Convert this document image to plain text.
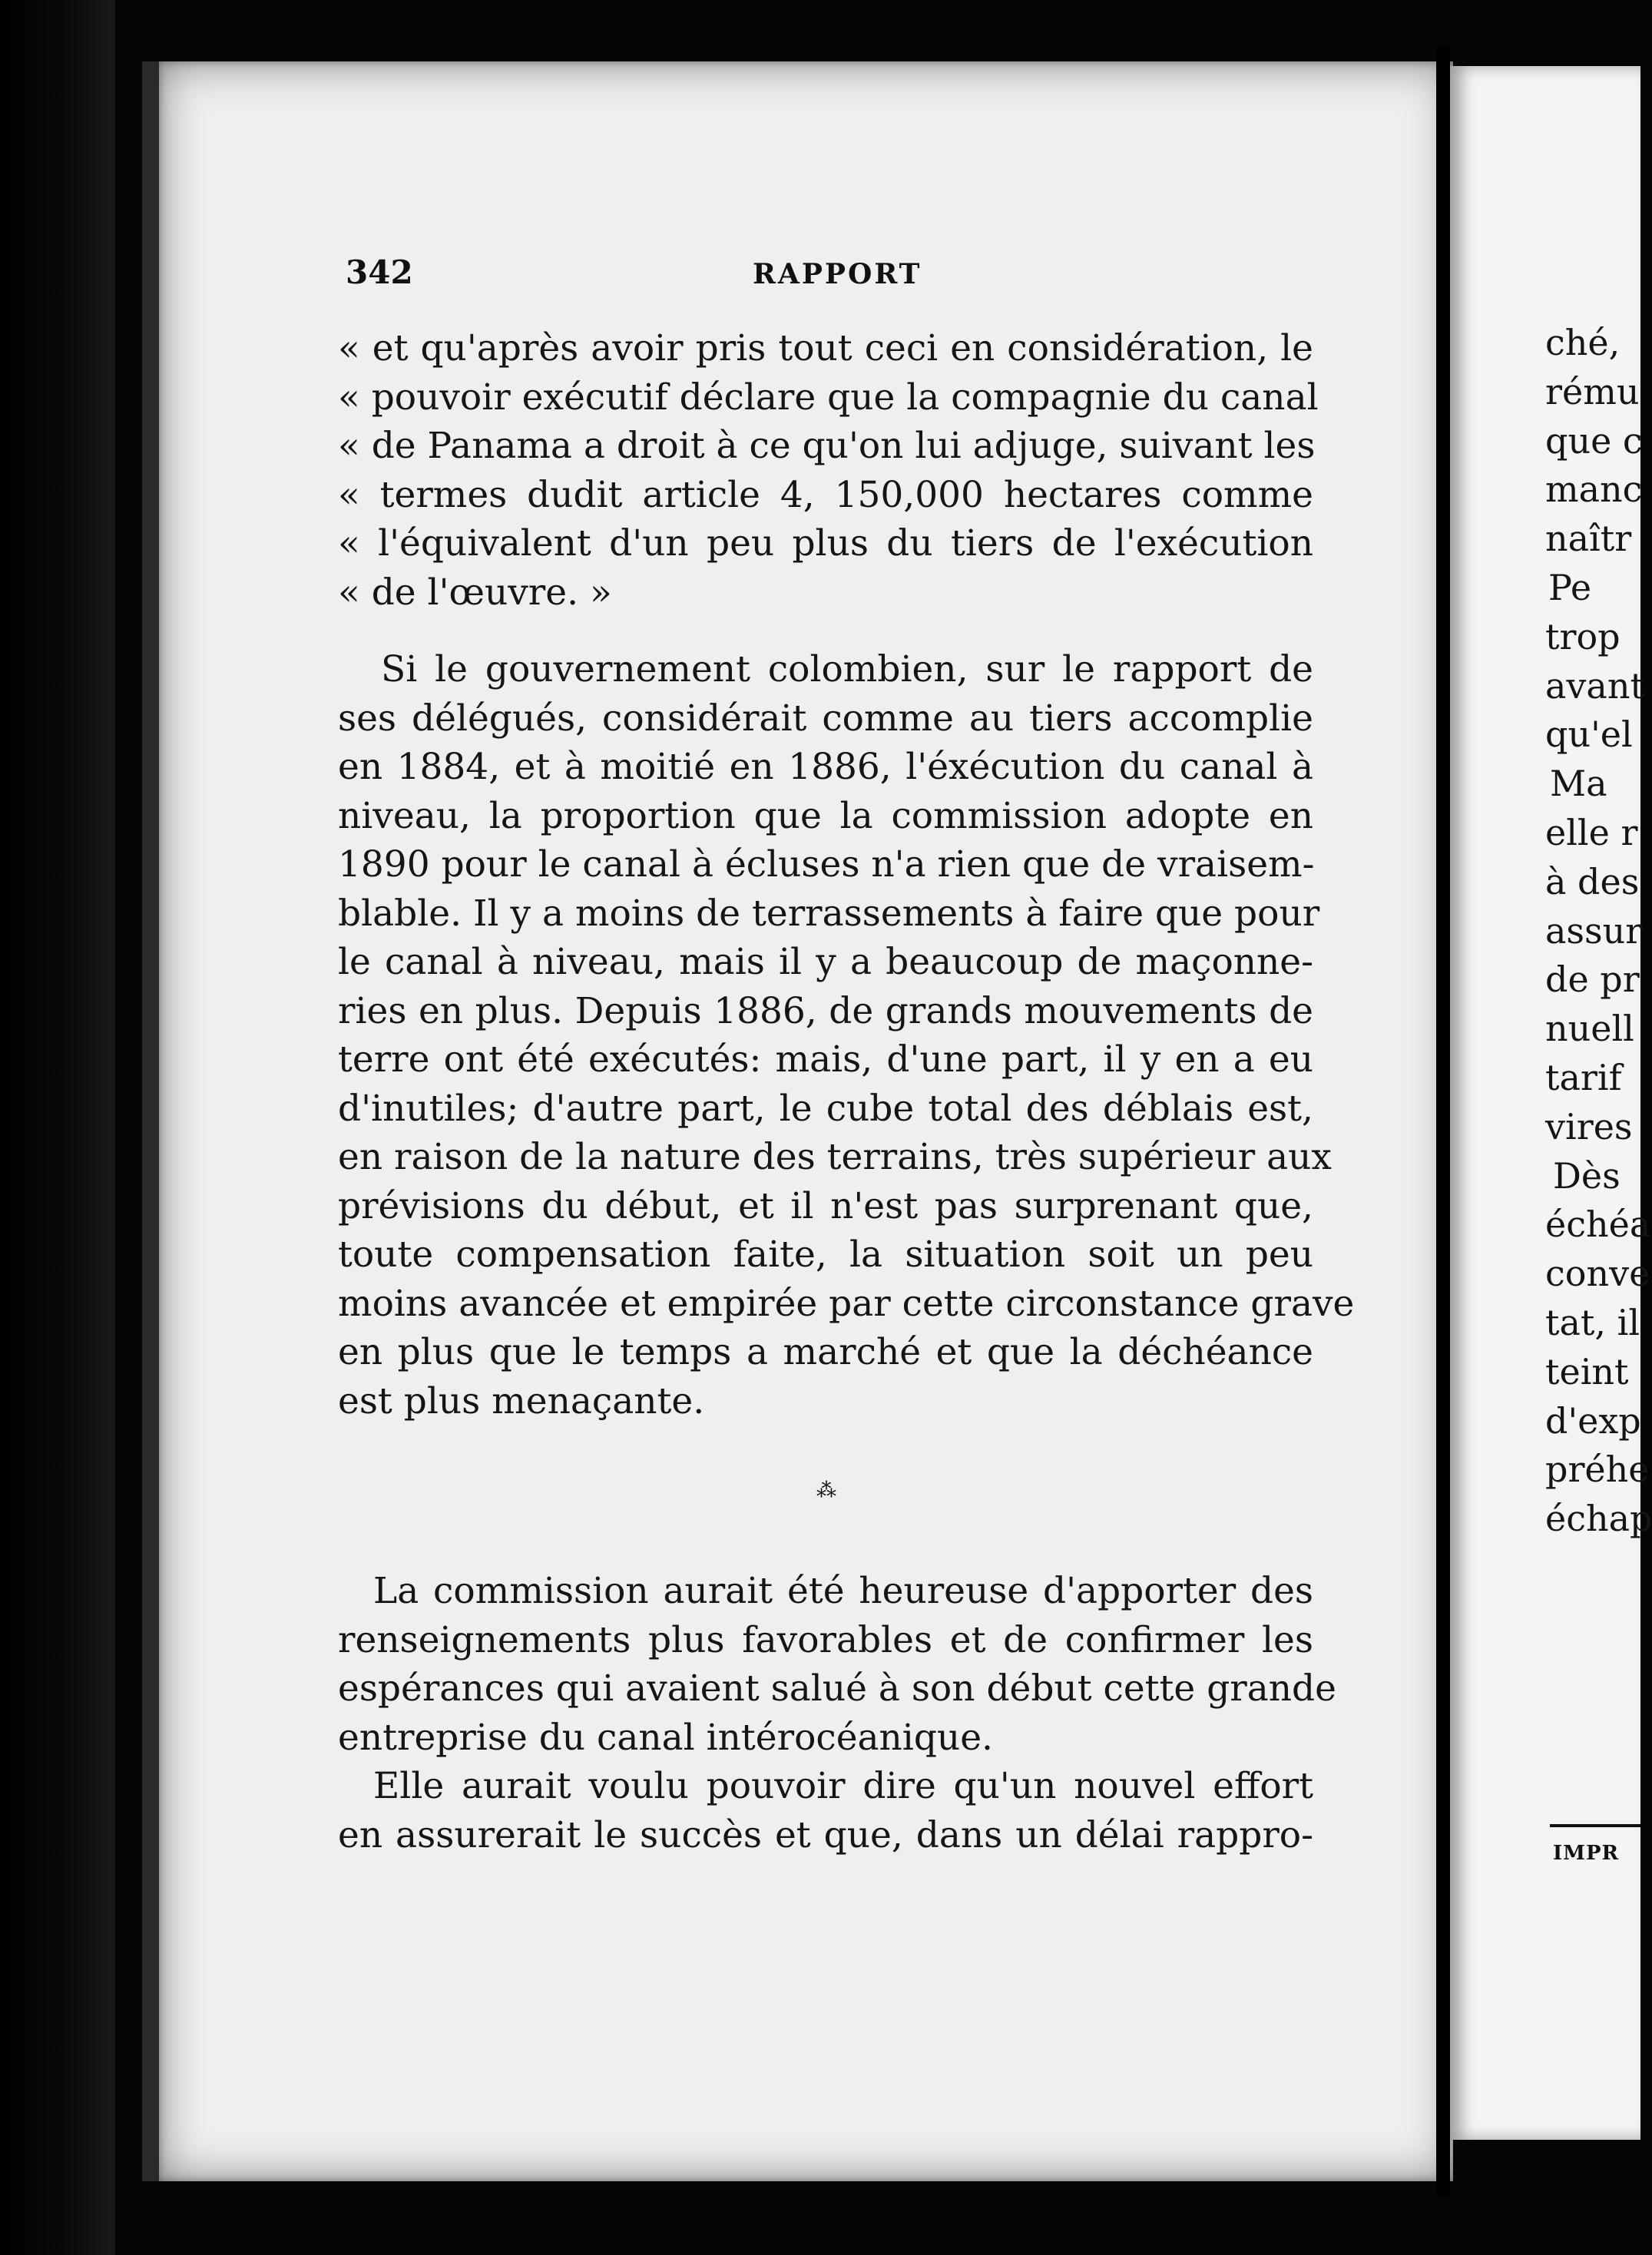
342	RAPPORT
« et qu'après avoir pris tout ceci en considération, le
« pouvoir exécutif déclare que la compagnie du canal
« de Panama a droit à ce qu'on lui adjuge, suivant les
« termes dudit article 4, 150,000 hectares comme
« l'équivalent d'un peu plus du tiers de l'exécution
« de l'œuvre. »
Si le gouvernement colombien, sur le rapport de
ses délégués, considérait comme au tiers accomplie
en 1884, et à moitié en 1886, l'éxécution du canal à
niveau, la proportion que la commission adopte en
1890 pour le canal à écluses n'a rien que de vraisem-
blable. Il y a moins de terrassements à faire que pour
le canal à niveau, mais il y a beaucoup de maçonne-
ries en plus. Depuis 1886, de grands mouvements de
terre ont été exécutés: mais, d'une part, il y en a eu
d'inutiles; d'autre part, le cube total des déblais est,
en raison de la nature des terrains, très supérieur aux
prévisions du début, et il n'est pas surprenant que,
toute compensation faite, la situation soit un peu
moins avancée et empirée par cette circonstance grave
en plus que le temps a marché et que la déchéance
est plus menaçante.
⁂
La commission aurait été heureuse d'apporter des
renseignements plus favorables et de confirmer les
espérances qui avaient salué à son début cette grande
entreprise du canal intérocéanique.
Elle aurait voulu pouvoir dire qu'un nouvel effort
en assurerait le succès et que, dans un délai rappro-
ché,
rému
que c
manc
naîtr
Pe
trop
avant
qu'el
Ma
elle r
à des
assur
de pr
nuell
tarif
vires
Dès
échéa
conve
tat, il
teint
d'exp
préhe
échap
IMPR
